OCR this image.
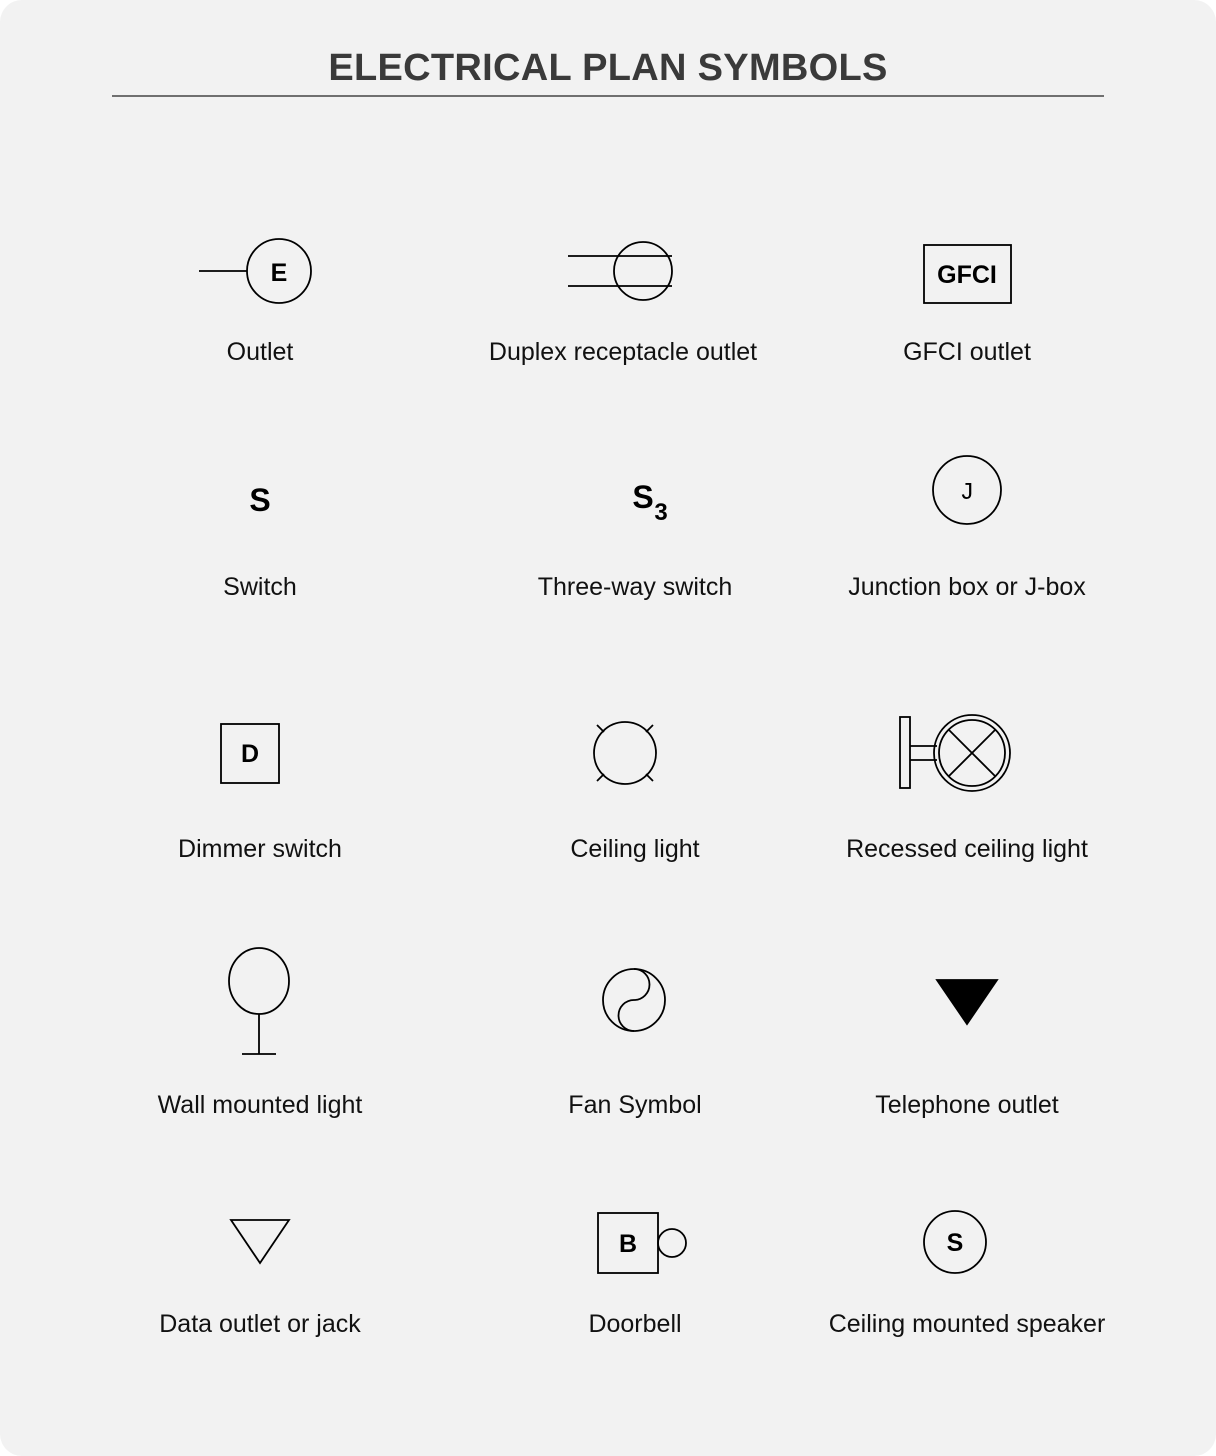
ELECTRICAL PLAN SYMBOLS
E	GFCI
S	S 3
J
D
B	S
Outlet	Duplex receptacle outlet	GFCI outlet
Switch	Three-way switch	Junction box or J-box
Dimmer switch	Ceiling light	Recessed ceiling light
Wall mounted light	Fan Symbol	Telephone outlet
Data outlet or jack	Doorbell	Ceiling mounted speaker
